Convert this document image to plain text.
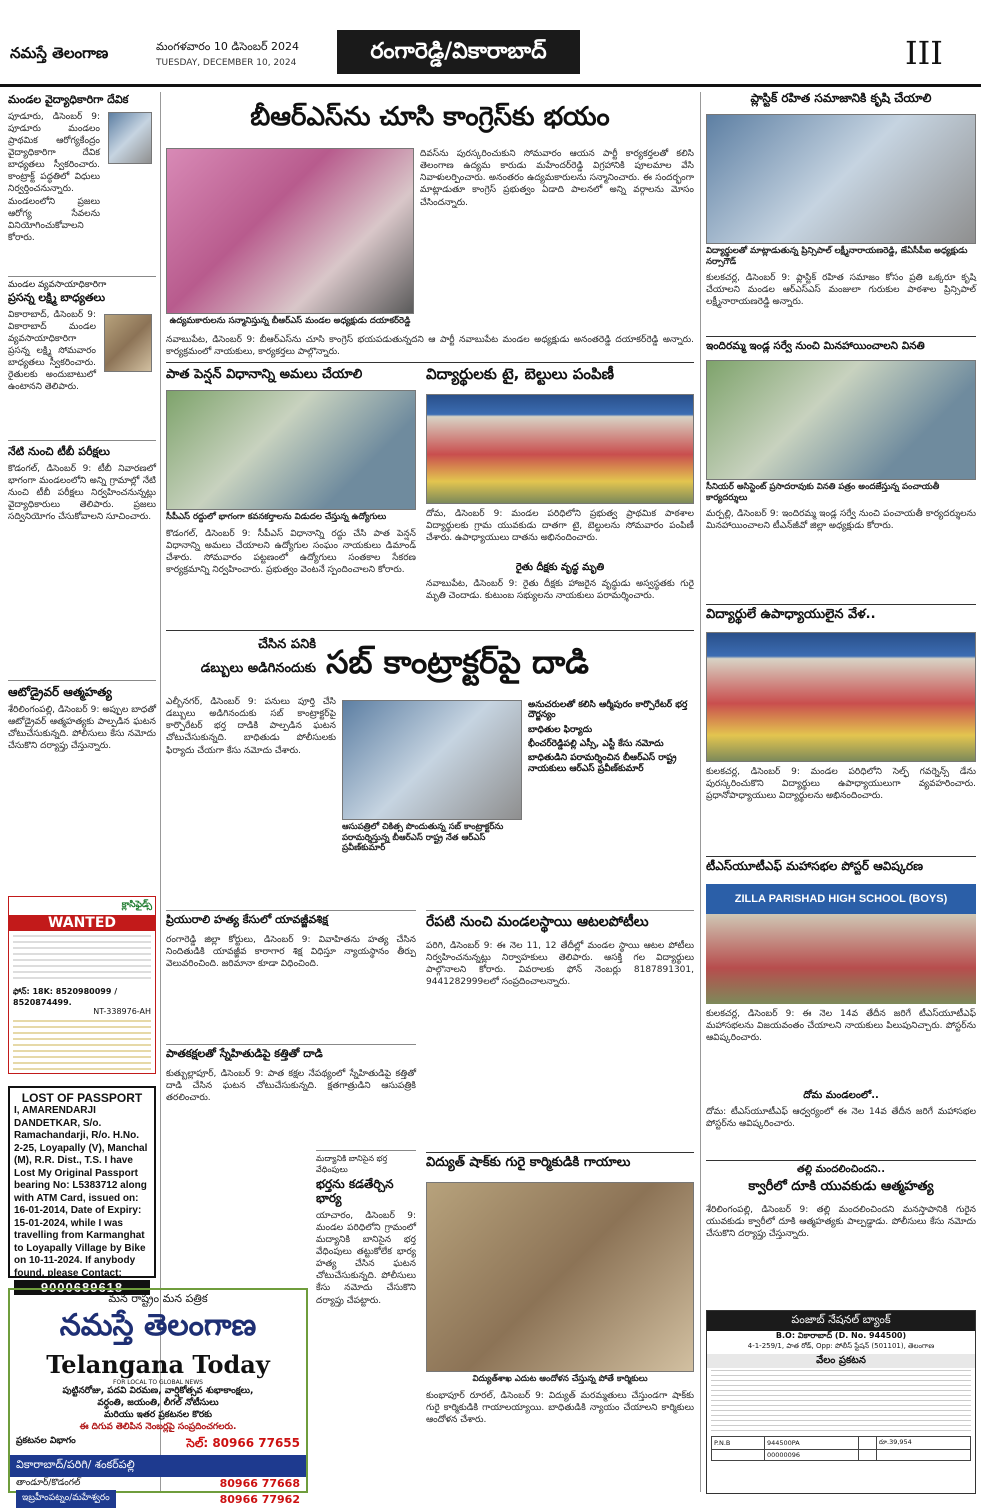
నమస్తే తెలంగాణ	మంగళవారం 10 డిసెంబర్ 2024
TUESDAY, DECEMBER 10, 2024	రంగారెడ్డి/వికారాబాద్	III
మండల వైద్యాధికారిగా దేవిక
పూడూరు, డిసెంబర్ 9: పూడూరు మండలం ప్రాథమిక ఆరోగ్యకేంద్రం వైద్యాధికారిగా దేవిక బాధ్యతలు స్వీకరించారు. కాంట్రాక్ట్ పద్ధతిలో విధులు నిర్వర్తించనున్నారు. మండలంలోని ప్రజలు ఆరోగ్య సేవలను వినియోగించుకోవాలని కోరారు.
మండల వ్యవసాయాధికారిగా
ప్రసన్న లక్ష్మి బాధ్యతలు
వికారాబాద్, డిసెంబర్ 9: వికారాబాద్ మండల వ్యవసాయాధికారిగా ప్రసన్న లక్ష్మి సోమవారం బాధ్యతలు స్వీకరించారు. రైతులకు అందుబాటులో ఉంటానని తెలిపారు.
నేటి నుంచి టీబీ పరీక్షలు
కొడంగల్, డిసెంబర్ 9: టీబీ నివారణలో భాగంగా మండలంలోని అన్ని గ్రామాల్లో నేటి నుంచి టీబీ పరీక్షలు నిర్వహించనున్నట్లు వైద్యాధికారులు తెలిపారు. ప్రజలు సద్వినియోగం చేసుకోవాలని సూచించారు.
ఆటోడ్రైవర్ ఆత్మహత్య
శేరిలింగంపల్లి, డిసెంబర్ 9: అప్పుల బాధతో ఆటోడ్రైవర్ ఆత్మహత్యకు పాల్పడిన ఘటన చోటుచేసుకున్నది. పోలీసులు కేసు నమోదు చేసుకొని దర్యాప్తు చేస్తున్నారు.
క్లాసిఫైడ్స్
WANTED
ఫోన్: 18K: 8520980099 / 8520874499.
NT-338976-AH
LOST OF PASSPORT
I, AMARENDARJI DANDETKAR, S/o. Ramachandarji, R/o. H.No. 2-25, Loyapally (V), Manchal (M), R.R. Dist., T.S. I have Lost My Original Passport bearing No: L5383712 along with ATM Card, issued on: 16-01-2014, Date of Expiry: 15-01-2024, while I was travelling from Karmanghat to Loyapally Village by Bike on 10-11-2024. If anybody found, please Contact:
9000689618
మన రాష్ట్రం మన పత్రిక
నమస్తే తెలంగాణ
Telangana Today
FOR LOCAL TO GLOBAL NEWS
పుట్టినరోజు, పదవి విరమణ, వార్షికోత్సవ శుభాకాంక్షలు,
వర్ధంతి, జయంతి, లీగల్ నోటీసులు
మరియు ఇతర ప్రకటనల కొరకు
ఈ దిగువ తెలిపిన నెంబర్లపై సంప్రదించగలరు.
ప్రకటనల విభాగం	సెల్: 80966 77655
వికారాబాద్/పరిగి/ శంకర్‌పల్లి
తాండూర్/కొడంగల్	80966 77668
ఇబ్రహీంపట్నం/మహేశ్వరం	80966 77962
బీఆర్ఎస్‌ను చూసి కాంగ్రెస్‌కు భయం
ఉద్యమకారులను సన్మానిస్తున్న బీఆర్ఎస్ మండల అధ్యక్షుడు దయాకర్‌రెడ్డి
దివస్‌ను పురస్కరించుకుని సోమవారం ఆయన పార్టీ కార్యకర్తలతో కలిసి తెలంగాణ ఉద్యమ కారుడు మహేందర్‌రెడ్డి విగ్రహానికి పూలమాల వేసి నివాళులర్పించారు. అనంతరం ఉద్యమకారులను సన్మానించారు. ఈ సందర్భంగా మాట్లాడుతూ కాంగ్రెస్ ప్రభుత్వం ఏడాది పాలనలో అన్ని వర్గాలను మోసం చేసిందన్నారు.
నవాబుపేట, డిసెంబర్ 9: బీఆర్ఎస్‌ను చూసి కాంగ్రెస్ భయపడుతున్నదని ఆ పార్టీ నవాబుపేట మండల అధ్యక్షుడు అనంతరెడ్డి దయాకర్‌రెడ్డి అన్నారు. కార్యక్రమంలో నాయకులు, కార్యకర్తలు పాల్గొన్నారు.
పాత పెన్షన్ విధానాన్ని అమలు చేయాలి
సీపీఎస్ రద్దులో భాగంగా కవనకర్తాలను విడుదల చేస్తున్న ఉద్యోగులు
కొడంగల్, డిసెంబర్ 9: సీపీఎస్ విధానాన్ని రద్దు చేసి పాత పెన్షన్ విధానాన్ని అమలు చేయాలని ఉద్యోగుల సంఘం నాయకులు డిమాండ్ చేశారు. సోమవారం పట్టణంలో ఉద్యోగులు సంతకాల సేకరణ కార్యక్రమాన్ని నిర్వహించారు. ప్రభుత్వం వెంటనే స్పందించాలని కోరారు.
విద్యార్థులకు టై, బెల్టులు పంపిణీ
దోమ, డిసెంబర్ 9: మండల పరిధిలోని ప్రభుత్వ ప్రాథమిక పాఠశాల విద్యార్థులకు గ్రామ యువకుడు దాతగా టై, బెల్టులను సోమవారం పంపిణీ చేశారు. ఉపాధ్యాయులు దాతను అభినందించారు.
రైతు దీక్షకు వృద్ధ మృతి
నవాబుపేట, డిసెంబర్ 9: రైతు దీక్షకు హాజరైన వృద్ధుడు అస్వస్థతకు గురై మృతి చెందాడు. కుటుంబ సభ్యులను నాయకులు పరామర్శించారు.
చేసిన పనికి
డబ్బులు అడిగినందుకు సబ్ కాంట్రాక్టర్‌పై దాడి
ఎల్బీనగర్, డిసెంబర్ 9: పనులు పూర్తి చేసి డబ్బులు అడిగినందుకు సబ్ కాంట్రాక్టర్‌పై కార్పొరేటర్ భర్త దాడికి పాల్పడిన ఘటన చోటుచేసుకున్నది. బాధితుడు పోలీసులకు ఫిర్యాదు చేయగా కేసు నమోదు చేశారు.
ఆసుపత్రిలో చికిత్స పొందుతున్న సబ్ కాంట్రాక్టర్‌ను పరామర్శిస్తున్న బీఆర్ఎస్ రాష్ట్ర నేత ఆర్ఎస్ ప్రవీణ్‌కుమార్
అనుచరులతో కలిసి ఆర్మీపురం కార్పొరేటర్ భర్త దౌర్జన్యం
బాధితుల ఫిర్యాదు
భీంచర్‌రెడ్డిపల్లి ఎస్సీ, ఎస్టీ కేసు నమోదు
బాధితుడిని పరామర్శించిన బీఆర్ఎస్ రాష్ట్ర నాయకులు ఆర్ఎస్ ప్రవీణ్‌కుమార్
ప్రియురాలి హత్య కేసులో యావజ్జీవశిక్ష
రంగారెడ్డి జిల్లా కోర్టులు, డిసెంబర్ 9: వివాహితను హత్య చేసిన నిందితుడికి యావజ్జీవ కారాగార శిక్ష విధిస్తూ న్యాయస్థానం తీర్పు వెలువరించింది. జరిమానా కూడా విధించింది.
పాతకక్షలతో స్నేహితుడిపై కత్తితో దాడి
కుత్బుల్లాపూర్, డిసెంబర్ 9: పాత కక్షల నేపథ్యంలో స్నేహితుడిపై కత్తితో దాడి చేసిన ఘటన చోటుచేసుకున్నది. క్షతగాత్రుడిని ఆసుపత్రికి తరలించారు.
మద్యానికి బానిసైన భర్త వేధింపులు
భర్తను కడతేర్చిన భార్య
యాచారం, డిసెంబర్ 9: మండల పరిధిలోని గ్రామంలో మద్యానికి బానిసైన భర్త వేధింపులు తట్టుకోలేక భార్య హత్య చేసిన ఘటన చోటుచేసుకున్నది. పోలీసులు కేసు నమోదు చేసుకొని దర్యాప్తు చేపట్టారు.
రేపటి నుంచి మండలస్థాయి ఆటలపోటీలు
పరిగి, డిసెంబర్ 9: ఈ నెల 11, 12 తేదీల్లో మండల స్థాయి ఆటల పోటీలు నిర్వహించనున్నట్లు నిర్వాహకులు తెలిపారు. ఆసక్తి గల విద్యార్థులు పాల్గొనాలని కోరారు. వివరాలకు ఫోన్ నెంబర్లు 8187891301, 9441282999లలో సంప్రదించాలన్నారు.
విద్యుత్ షాక్‌కు గురై కార్మికుడికి గాయాలు
విద్యుత్‌శాఖ ఎదుట ఆందోళన చేస్తున్న పోతే కార్మికులు
కుంభాపూర్ రూరల్, డిసెంబర్ 9: విద్యుత్ మరమ్మతులు చేస్తుండగా షాక్‌కు గురై కార్మికుడికి గాయాలయ్యాయి. బాధితుడికి న్యాయం చేయాలని కార్మికులు ఆందోళన చేశారు.
ప్లాస్టిక్ రహిత సమాజానికి కృషి చేయాలి
విద్యార్థులతో మాట్లాడుతున్న ప్రిన్సిపాల్ లక్ష్మీనారాయణరెడ్డి, జేఏసీపీఐ అధ్యక్షుడు నర్సాగౌడ్
కులకచర్ల, డిసెంబర్ 9: ప్లాస్టిక్ రహిత సమాజం కోసం ప్రతి ఒక్కరూ కృషి చేయాలని మండల ఆర్ఎస్‌ఎస్ మంజులా గురుకుల పాఠశాల ప్రిన్సిపాల్ లక్ష్మీనారాయణరెడ్డి అన్నారు.
ఇందిరమ్మ ఇండ్ల సర్వే నుంచి మినహాయించాలని వినతి
సీనియర్ అసిస్టెంట్ ప్రసాదరావుకు వినతి పత్రం అందజేస్తున్న పంచాయతీ కార్యదర్శులు
మర్పల్లి, డిసెంబర్ 9: ఇందిరమ్మ ఇండ్ల సర్వే నుంచి పంచాయతీ కార్యదర్శులను మినహాయించాలని టీఎన్‌జీవో జిల్లా అధ్యక్షుడు కోరారు.
విద్యార్థులే ఉపాధ్యాయులైన వేళ..
కులకచర్ల, డిసెంబర్ 9: మండల పరిధిలోని సెల్ఫ్ గవర్నెన్స్ డేను పురస్కరించుకొని విద్యార్థులు ఉపాధ్యాయులుగా వ్యవహరించారు. ప్రధానోపాధ్యాయులు విద్యార్థులను అభినందించారు.
టీఎస్‌యూటీఎఫ్ మహాసభల పోస్టర్ ఆవిష్కరణ
ZILLA PARISHAD HIGH SCHOOL (BOYS)
కులకచర్ల, డిసెంబర్ 9: ఈ నెల 14వ తేదీన జరిగే టీఎస్‌యూటీఎఫ్ మహాసభలను విజయవంతం చేయాలని నాయకులు పిలుపునిచ్చారు. పోస్టర్‌ను ఆవిష్కరించారు.
దోమ మండలంలో..
దోమ: టీఎస్‌యూటీఎఫ్ ఆధ్వర్యంలో ఈ నెల 14వ తేదీన జరిగే మహాసభల పోస్టర్‌ను ఆవిష్కరించారు.
తల్లి మందలించిందని..
క్వారీలో దూకి యువకుడు ఆత్మహత్య
శేరిలింగంపల్లి, డిసెంబర్ 9: తల్లి మందలించిందని మనస్తాపానికి గురైన యువకుడు క్వారీలో దూకి ఆత్మహత్యకు పాల్పడ్డాడు. పోలీసులు కేసు నమోదు చేసుకొని దర్యాప్తు చేస్తున్నారు.
పంజాబ్ నేషనల్ బ్యాంక్
B.O: వికారాబాద్ (D. No. 944500)
4-1-259/1, పాత రోడ్, Opp: పోలీస్ స్టేషన్ (501101), తెలంగాణ
వేలం ప్రకటన
P.N.B	944500PA		రూ.39,954
	00000096		
